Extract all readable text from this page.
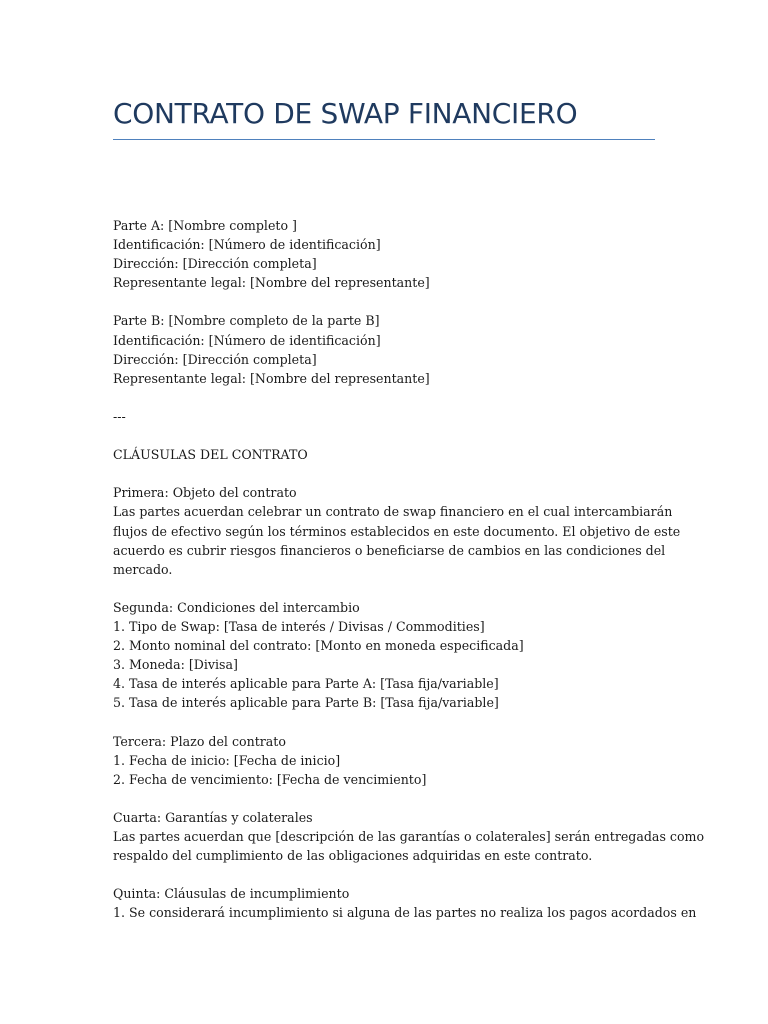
CONTRATO DE SWAP FINANCIERO
Parte A: [Nombre completo ]
Identificación: [Número de identificación]
Dirección: [Dirección completa]
Representante legal: [Nombre del representante]
Parte B: [Nombre completo de la parte B]
Identificación: [Número de identificación]
Dirección: [Dirección completa]
Representante legal: [Nombre del representante]
---
CLÁUSULAS DEL CONTRATO
Primera: Objeto del contrato
Las partes acuerdan celebrar un contrato de swap financiero en el cual intercambiarán
flujos de efectivo según los términos establecidos en este documento. El objetivo de este
acuerdo es cubrir riesgos financieros o beneficiarse de cambios en las condiciones del
mercado.
Segunda: Condiciones del intercambio
1. Tipo de Swap: [Tasa de interés / Divisas / Commodities]
2. Monto nominal del contrato: [Monto en moneda especificada]
3. Moneda: [Divisa]
4. Tasa de interés aplicable para Parte A: [Tasa fija/variable]
5. Tasa de interés aplicable para Parte B: [Tasa fija/variable]
Tercera: Plazo del contrato
1. Fecha de inicio: [Fecha de inicio]
2. Fecha de vencimiento: [Fecha de vencimiento]
Cuarta: Garantías y colaterales
Las partes acuerdan que [descripción de las garantías o colaterales] serán entregadas como
respaldo del cumplimiento de las obligaciones adquiridas en este contrato.
Quinta: Cláusulas de incumplimiento
1. Se considerará incumplimiento si alguna de las partes no realiza los pagos acordados en
